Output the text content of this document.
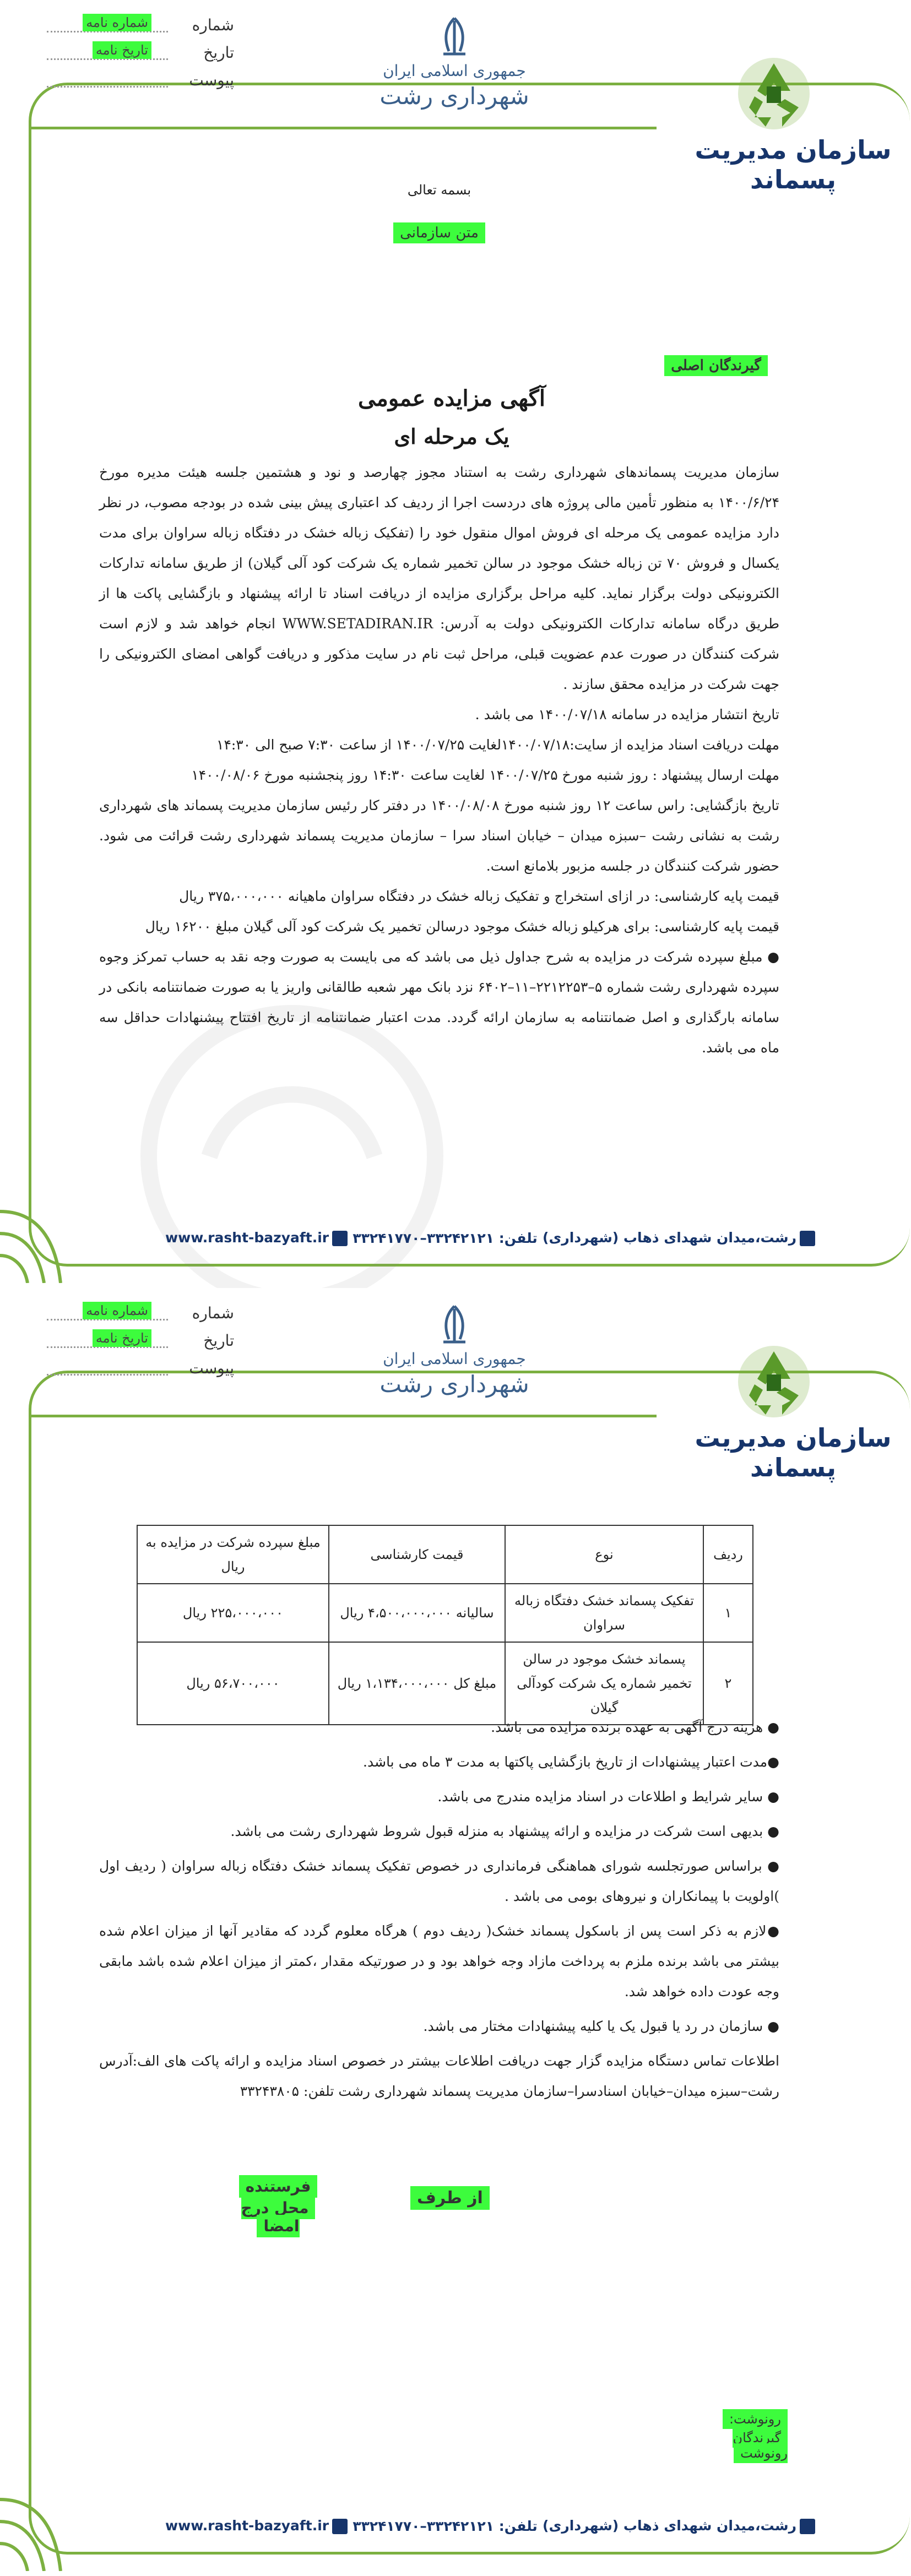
شماره
شماره نامه
تاریخ
تاریخ نامه
پیوست	جمهوری اسلامی ایران
شهرداری رشت
سازمان مدیریت پسماند
بسمه تعالی
متن سازمانی
گیرندگان اصلی
آگهی مزایده عمومی
یک مرحله ای

سازمان مدیریت پسماندهای شهرداری رشت به استناد مجوز چهارصد و نود و هشتمین جلسه هیئت مدیره مورخ ۱۴۰۰/۶/۲۴ به منظور تأمین مالی پروژه های دردست اجرا از ردیف کد اعتباری پیش بینی شده در بودجه مصوب، در نظر دارد مزایده عمومی یک مرحله ای فروش اموال منقول خود را (تفکیک زباله خشک در دفتگاه زباله سراوان برای مدت یکسال و فروش ۷۰ تن زباله خشک موجود در سالن تخمیر شماره یک شرکت کود آلی گیلان) از طریق سامانه تدارکات الکترونیکی دولت برگزار نماید. کلیه مراحل برگزاری مزایده از دریافت اسناد تا ارائه پیشنهاد و بازگشایی پاکت ها از طریق درگاه سامانه تدارکات الکترونیکی دولت به آدرس: WWW.SETADIRAN.IR انجام خواهد شد و لازم است شرکت کنندگان در صورت عدم عضویت قبلی، مراحل ثبت نام در سایت مذکور و دریافت گواهی امضای الکترونیکی را جهت شرکت در مزایده محقق سازند .

تاریخ انتشار مزایده در سامانه ۱۴۰۰/۰۷/۱۸ می باشد .

مهلت دریافت اسناد مزایده از سایت:۱۴۰۰/۰۷/۱۸لغایت ۱۴۰۰/۰۷/۲۵ از ساعت ۷:۳۰ صبح الی ۱۴:۳۰

مهلت ارسال پیشنهاد : روز شنبه مورخ ۱۴۰۰/۰۷/۲۵ لغایت ساعت ۱۴:۳۰ روز پنجشنبه مورخ ۱۴۰۰/۰۸/۰۶

تاریخ بازگشایی: راس ساعت ۱۲ روز شنبه مورخ ۱۴۰۰/۰۸/۰۸ در دفتر کار رئیس سازمان مدیریت پسماند های شهرداری رشت به نشانی رشت –سبزه میدان – خیابان اسناد سرا – سازمان مدیریت پسماند شهرداری رشت قرائت می شود. حضور شرکت کنندگان در جلسه مزبور بلامانع است.

قیمت پایه کارشناسی: در ازای استخراج و تفکیک زباله خشک در دفتگاه سراوان ماهیانه ۳۷۵،۰۰۰،۰۰۰ ریال

قیمت پایه کارشناسی: برای هرکیلو زباله خشک موجود درسالن تخمیر یک شرکت کود آلی گیلان مبلغ ۱۶۲۰۰ ریال

● مبلغ سپرده شرکت در مزایده به شرح جداول ذیل می باشد که می بایست به صورت وجه نقد به حساب تمرکز وجوه سپرده شهرداری رشت شماره ۵–۲۲۱۲۲۵۳–۱۱–۶۴۰۲ نزد بانک مهر شعبه طالقانی واریز یا به صورت ضمانتنامه بانکی در سامانه بارگذاری و اصل ضمانتنامه به سازمان ارائه گردد. مدت اعتبار ضمانتنامه از تاریخ افتتاح پیشنهادات حداقل سه ماه می باشد.

رشت،میدان شهدای ذهاب (شهرداری)
تلفن: ۳۳۲۴۲۱۲۱–۳۳۲۴۱۷۷۰
www.rasht-bazyaft.ir
شماره
شماره نامه
تاریخ
تاریخ نامه
پیوست	جمهوری اسلامی ایران
شهرداری رشت
سازمان مدیریت پسماند
ردیف	نوع	قیمت کارشناسی	مبلغ سپرده شرکت در مزایده به ریال
۱	تفکیک پسماند خشک دفتگاه زباله سراوان	سالیانه ۴،۵۰۰،۰۰۰،۰۰۰ ریال	۲۲۵،۰۰۰،۰۰۰ ریال
۲	پسماند خشک موجود در سالن تخمیر شماره یک شرکت کودآلی گیلان	مبلغ کل ۱،۱۳۴،۰۰۰،۰۰۰ ریال	۵۶،۷۰۰،۰۰۰ ریال

● هزینه درج آگهی به عهده برنده مزایده می باشد.

●مدت اعتبار پیشنهادات از تاریخ بازگشایی پاکتها به مدت ۳ ماه می باشد.

● سایر شرایط و اطلاعات در اسناد مزایده مندرج می باشد.

● بدیهی است شرکت در مزایده و ارائه پیشنهاد به منزله قبول شروط شهرداری رشت می باشد.

● براساس صورتجلسه شورای هماهنگی فرمانداری در خصوص تفکیک پسماند خشک دفتگاه زباله سراوان ( ردیف اول )اولویت با پیمانکاران و نیروهای بومی می باشد .

●لازم به ذکر است پس از باسکول پسماند خشک( ردیف دوم ) هرگاه معلوم گردد که مقادیر آنها از میزان اعلام شده بیشتر می باشد برنده ملزم به پرداخت مازاد وجه خواهد بود و در صورتیکه مقدار ،کمتر از میزان اعلام شده باشد مابقی وجه عودت داده خواهد شد.

● سازمان در رد یا قبول یک یا کلیه پیشنهادات مختار می باشد.

اطلاعات تماس دستگاه مزایده گزار جهت دریافت اطلاعات بیشتر در خصوص اسناد مزایده و ارائه پاکت های الف:آدرس رشت–سبزه میدان–خیابان اسنادسرا–سازمان مدیریت پسماند شهرداری رشت تلفن: ۳۳۲۴۳۸۰۵

از طرف
فرستنده
محل درج امضا
رونوشت:
گیرندگان رونوشت
رشت،میدان شهدای ذهاب (شهرداری)
تلفن: ۳۳۲۴۲۱۲۱–۳۳۲۴۱۷۷۰
www.rasht-bazyaft.ir
